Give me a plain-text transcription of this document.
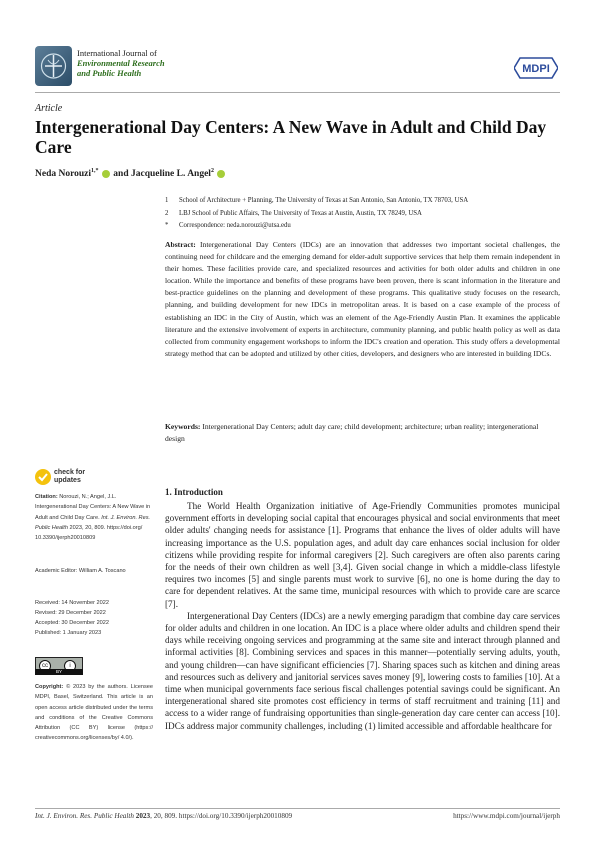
International Journal of
Environmental Research
and Public Health	MDPI
Article
Intergenerational Day Centers: A New Wave in Adult and Child Day Care
Neda Norouzi$^{1,*}$ and Jacqueline L. Angel$^2$
1	School of Architecture + Planning, The University of Texas at San Antonio, San Antonio, TX 78703, USA
2	LBJ School of Public Affairs, The University of Texas at Austin, Austin, TX 78249, USA
*	Correspondence: neda.norouzi@utsa.edu
Abstract: Intergenerational Day Centers (IDCs) are an innovation that addresses two important societal challenges, the continuing need for childcare and the emerging demand for elder-adult supportive services that help them remain independent in their homes. These facilities provide care, and specialized resources and activities for both older adults and children in one location. While the importance and benefits of these programs have been proven, there is scant information in the literature and best-practice guidelines on the planning and development of these programs. This qualitative study focuses on the research, planning, and building development for new IDCs in metropolitan areas. It is based on a case example of the process of establishing an IDC in the City of Austin, which was an element of the Age-Friendly Austin Plan. It examines the applicable literature and the extensive involvement of experts in architecture, community planning, and public health policy as well as data collected from community engagement workshops to inform the IDC's creation and operation. This study offers a developmental strategy method that can be adopted and utilized by other cities, developers, and designers who are interested in building IDCs.
Keywords: Intergenerational Day Centers; adult day care; child development; architecture; urban reality; intergenerational design
check for
updates
Citation: Norouzi, N.; Angel, J.L. Intergenerational Day Centers: A New Wave in Adult and Child Day Care. Int. J. Environ. Res. Public Health 2023, 20, 809. https://doi.org/ 10.3390/ijerph20010809
Academic Editor: William A. Toscano
Received: 14 November 2022
Revised: 29 December 2022
Accepted: 30 December 2022
Published: 1 January 2023
cc	i
BY
Copyright: © 2023 by the authors. Licensee MDPI, Basel, Switzerland. This article is an open access article distributed under the terms and conditions of the Creative Commons Attribution (CC BY) license (https:// creativecommons.org/licenses/by/ 4.0/).
1. Introduction

The World Health Organization initiative of Age-Friendly Communities promotes municipal government efforts in developing social capital that encourages physical and social environments that meet older adults' changing needs for assistance [1]. Programs that enhance the lives of older adults will have increasing importance as the U.S. population ages, and adult day care enhances social inclusion for older citizens while providing respite for informal caregivers [2]. Such caregivers are often also parents caring for the needs of their own children as well [3,4]. Given social change in which a middle-class lifestyle requires two incomes [5] and single parents must work to survive [6], no one is home during the day to care for dependent relatives. At the same time, municipal resources with which to provide care are scarce [7].

Intergenerational Day Centers (IDCs) are a newly emerging paradigm that combine day care services for older adults and children in one location. An IDC is a place where older adults and children spend their days while receiving ongoing services and programming at the same site and interact through planned and informal activities [8]. Combining services and spaces in this manner—potentially serving adults, youth, and young children—can have significant efficiencies [7]. Sharing spaces such as kitchen and dining areas and resources such as delivery and janitorial services saves money [9], lowering costs to families [10]. At a time when municipal governments face serious fiscal challenges potential savings could be significant. An intergenerational shared site promotes cost efficiency in terms of staff recruitment and training [11] and access to a wider range of fundraising opportunities than single-generation day care center can access [10]. IDCs address major community challenges, including (1) limited accessible and affordable healthcare for

Int. J. Environ. Res. Public Health 2023, 20, 809. https://doi.org/10.3390/ijerph20010809	https://www.mdpi.com/journal/ijerph
